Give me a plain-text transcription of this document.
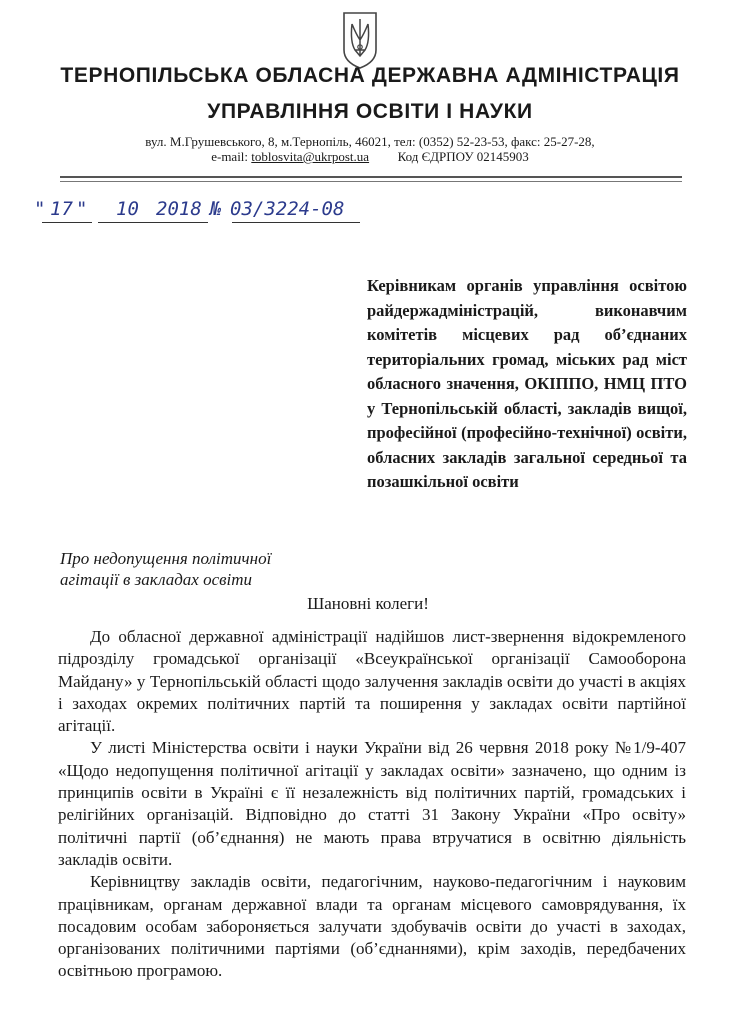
ТЕРНОПІЛЬСЬКА ОБЛАСНА ДЕРЖАВНА АДМІНІСТРАЦІЯ
УПРАВЛІННЯ ОСВІТИ І НАУКИ
вул. М.Грушевського, 8, м.Тернопіль, 46021, тел: (0352) 52-23-53, факс: 25-27-28,
e-mail: toblosvita@ukrpost.ua Код ЄДРПОУ 02145903
" 17 " 10 2018 № 03/3224-08
Керівникам органів управління освітою райдержадміністрацій, виконавчим комітетів місцевих рад об’єднаних територіальних громад, міських рад міст обласного значення, ОКІППО, НМЦ ПТО у Тернопільській області, закладів вищої, професійної (професійно-технічної) освіти, обласних закладів загальної середньої та позашкільної освіти
Про недопущення політичної
агітації в закладах освіти
Шановні колеги!

До обласної державної адміністрації надійшов лист-звернення відокремленого підрозділу громадської організації «Всеукраїнської організації Самооборона Майдану» у Тернопільській області щодо залучення закладів освіти до участі в акціях і заходах окремих політичних партій та поширення у закладах освіти партійної агітації.

У листі Міністерства освіти і науки України від 26 червня 2018 року №1/9-407 «Щодо недопущення політичної агітації у закладах освіти» зазначено, що одним із принципів освіти в Україні є її незалежність від політичних партій, громадських і релігійних організацій. Відповідно до статті 31 Закону України «Про освіту» політичні партії (об’єднання) не мають права втручатися в освітню діяльність закладів освіти.

Керівництву закладів освіти, педагогічним, науково-педагогічним і науковим працівникам, органам державної влади та органам місцевого самоврядування, їх посадовим особам забороняється залучати здобувачів освіти до участі в заходах, організованих політичними партіями (об’єднаннями), крім заходів, передбачених освітньою програмою.
